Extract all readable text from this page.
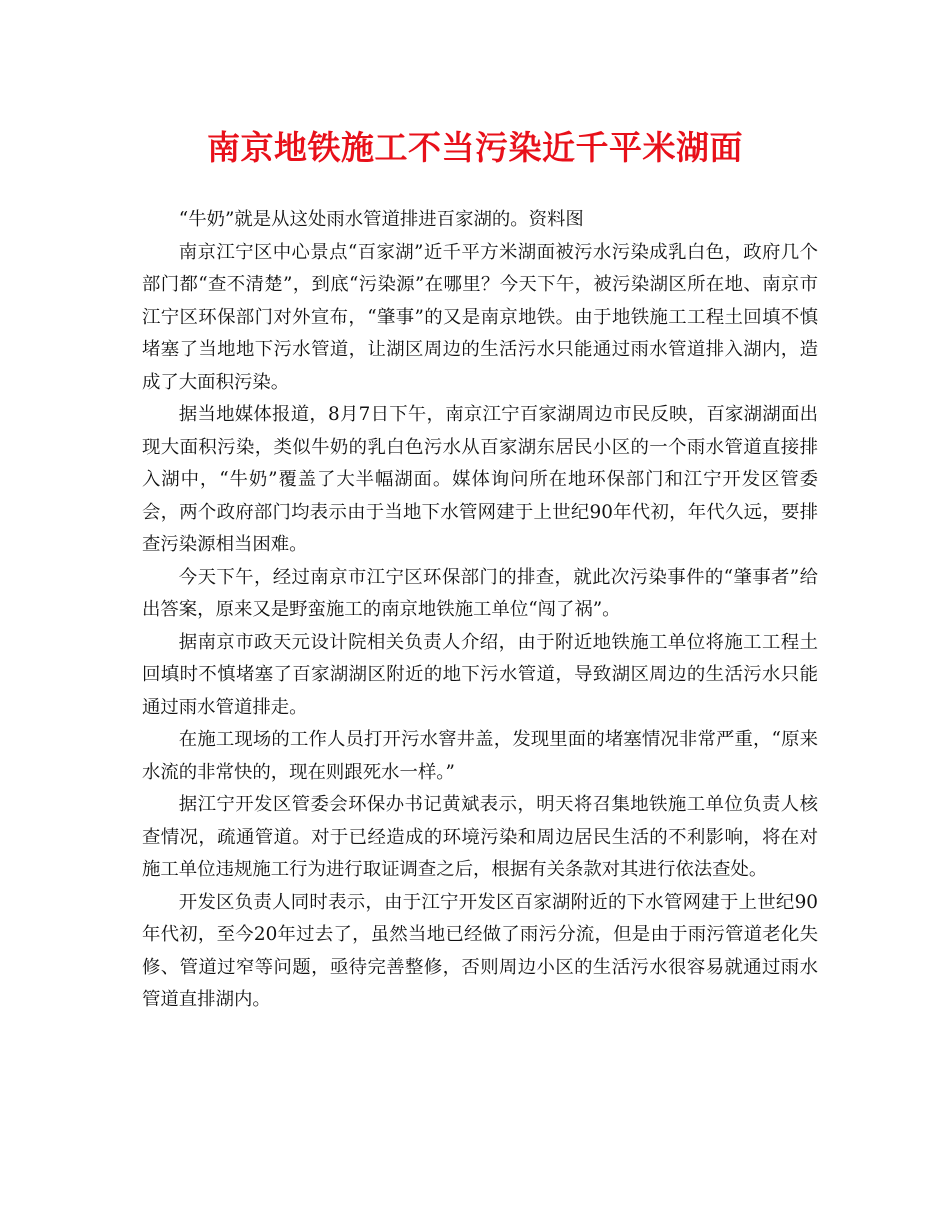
南京地铁施工不当污染近千平米湖面

“牛奶”就是从这处雨水管道排进百家湖的。资料图

南京江宁区中心景点“百家湖”近千平方米湖面被污水污染成乳白色，政府几个部门都“查不清楚”，到底“污染源”在哪里？今天下午，被污染湖区所在地、南京市江宁区环保部门对外宣布，“肇事”的又是南京地铁。由于地铁施工工程土回填不慎堵塞了当地地下污水管道，让湖区周边的生活污水只能通过雨水管道排入湖内，造成了大面积污染。

据当地媒体报道，8月7日下午，南京江宁百家湖周边市民反映，百家湖湖面出现大面积污染，类似牛奶的乳白色污水从百家湖东居民小区的一个雨水管道直接排入湖中，“牛奶”覆盖了大半幅湖面。媒体询问所在地环保部门和江宁开发区管委会，两个政府部门均表示由于当地下水管网建于上世纪90年代初，年代久远，要排查污染源相当困难。

今天下午，经过南京市江宁区环保部门的排查，就此次污染事件的“肇事者”给出答案，原来又是野蛮施工的南京地铁施工单位“闯了祸”。

据南京市政天元设计院相关负责人介绍，由于附近地铁施工单位将施工工程土回填时不慎堵塞了百家湖湖区附近的地下污水管道，导致湖区周边的生活污水只能通过雨水管道排走。

在施工现场的工作人员打开污水窨井盖，发现里面的堵塞情况非常严重，“原来水流的非常快的，现在则跟死水一样。”

据江宁开发区管委会环保办书记黄斌表示，明天将召集地铁施工单位负责人核查情况，疏通管道。对于已经造成的环境污染和周边居民生活的不利影响，将在对施工单位违规施工行为进行取证调查之后，根据有关条款对其进行依法查处。

开发区负责人同时表示，由于江宁开发区百家湖附近的下水管网建于上世纪90年代初，至今20年过去了，虽然当地已经做了雨污分流，但是由于雨污管道老化失修、管道过窄等问题，亟待完善整修，否则周边小区的生活污水很容易就通过雨水管道直排湖内。
